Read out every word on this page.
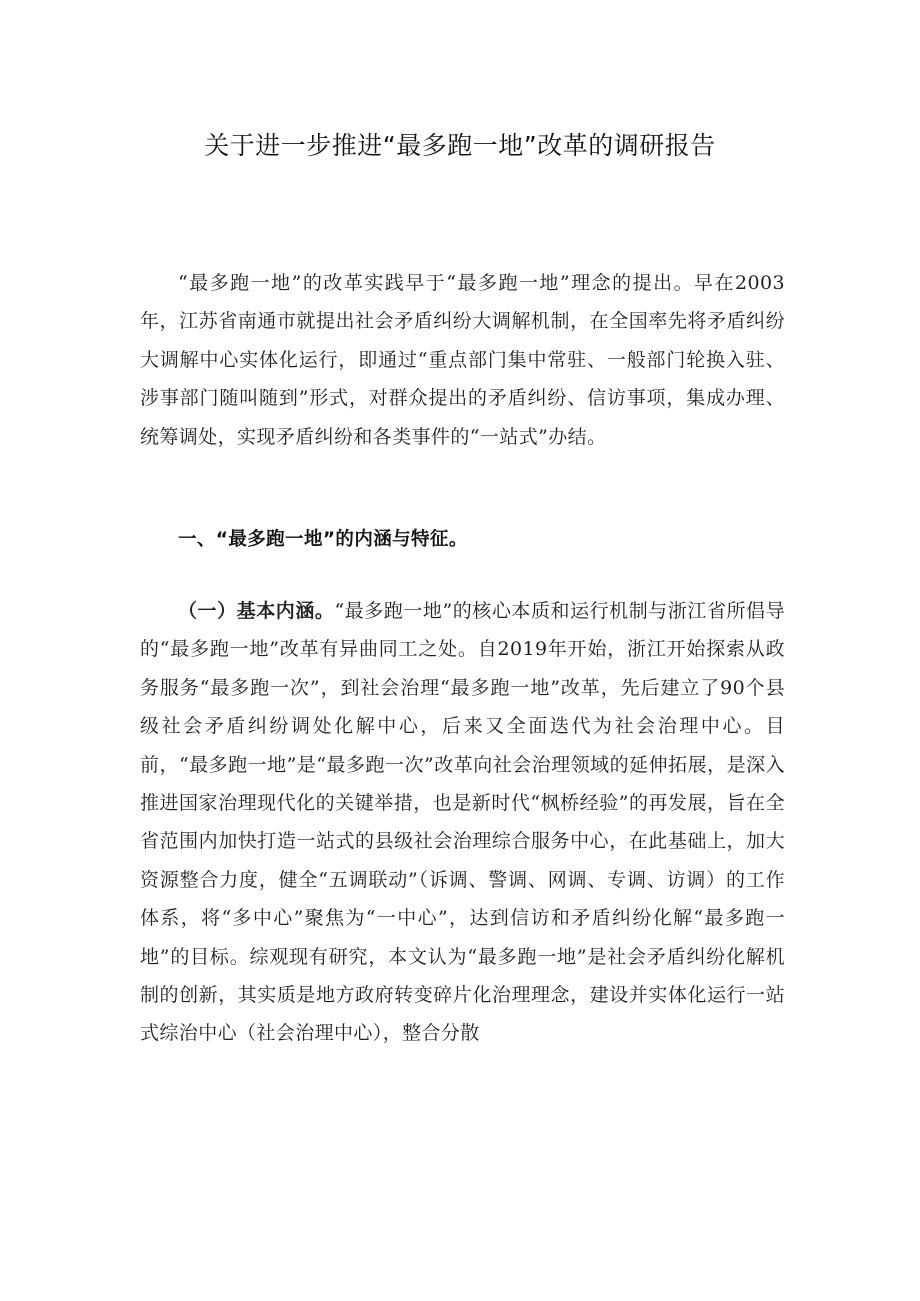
关于进一步推进“最多跑一地”改革的调研报告

“最多跑一地”的改革实践早于“最多跑一地”理念的提出。早在2003年，江苏省南通市就提出社会矛盾纠纷大调解机制，在全国率先将矛盾纠纷大调解中心实体化运行，即通过“重点部门集中常驻、一般部门轮换入驻、涉事部门随叫随到”形式，对群众提出的矛盾纠纷、信访事项，集成办理、统筹调处，实现矛盾纠纷和各类事件的“一站式”办结。

一、“最多跑一地”的内涵与特征。

（一）基本内涵。“最多跑一地”的核心本质和运行机制与浙江省所倡导的“最多跑一地”改革有异曲同工之处。自2019年开始，浙江开始探索从政务服务“最多跑一次”，到社会治理“最多跑一地”改革，先后建立了90个县级社会矛盾纠纷调处化解中心，后来又全面迭代为社会治理中心。目前，“最多跑一地”是“最多跑一次”改革向社会治理领域的延伸拓展，是深入推进国家治理现代化的关键举措，也是新时代“枫桥经验”的再发展，旨在全省范围内加快打造一站式的县级社会治理综合服务中心，在此基础上，加大资源整合力度，健全“五调联动”（诉调、警调、网调、专调、访调）的工作体系，将“多中心”聚焦为“一中心”，达到信访和矛盾纠纷化解“最多跑一地”的目标。综观现有研究，本文认为“最多跑一地”是社会矛盾纠纷化解机制的创新，其实质是地方政府转变碎片化治理理念，建设并实体化运行一站式综治中心（社会治理中心），整合分散
